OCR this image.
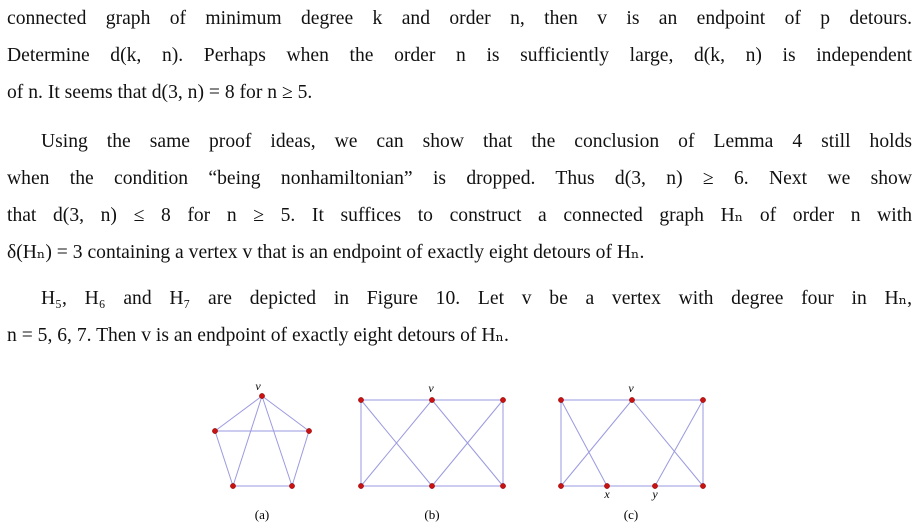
connected graph of minimum degree k and order n, then v is an endpoint of p detours.
Determine d(k, n). Perhaps when the order n is sufficiently large, d(k, n) is independent
of n. It seems that d(3, n) = 8 for n ≥ 5.
Using the same proof ideas, we can show that the conclusion of Lemma 4 still holds
when the condition “being nonhamiltonian” is dropped. Thus d(3, n) ≥ 6. Next we show
that d(3, n) ≤ 8 for n ≥ 5. It suffices to construct a connected graph Hₙ of order n with
δ(Hₙ) = 3 containing a vertex v that is an endpoint of exactly eight detours of Hₙ.
H₅, H₆ and H₇ are depicted in Figure 10. Let v be a vertex with degree four in Hₙ,
n = 5, 6, 7. Then v is an endpoint of exactly eight detours of Hₙ.
v
(a)
v
(b)
v
x	y
(c)
